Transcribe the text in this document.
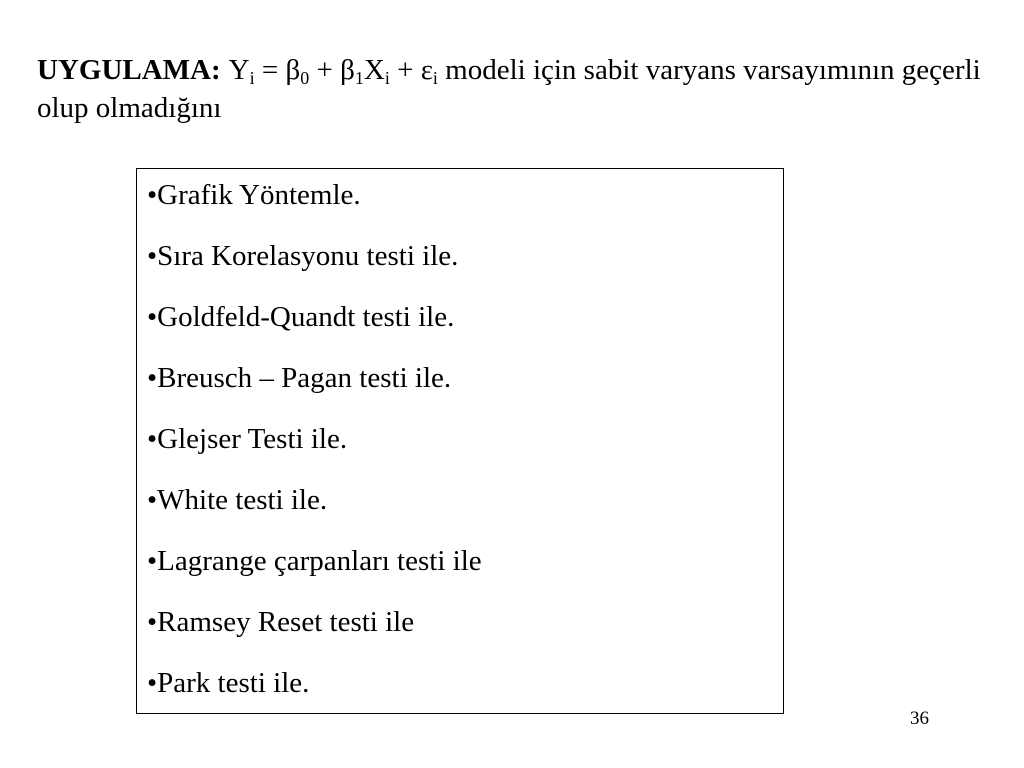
UYGULAMA: $Y_i = \beta_0 + \beta_1X_i + \varepsilon_i$ modeli için sabit varyans varsayımının geçerli olup olmadığını
•Grafik Yöntemle.
•Sıra Korelasyonu testi ile.
•Goldfeld-Quandt testi ile.
•Breusch – Pagan testi ile.
•Glejser Testi ile.
•White testi ile.
•Lagrange çarpanları testi ile
•Ramsey Reset testi ile
•Park testi ile.
36
